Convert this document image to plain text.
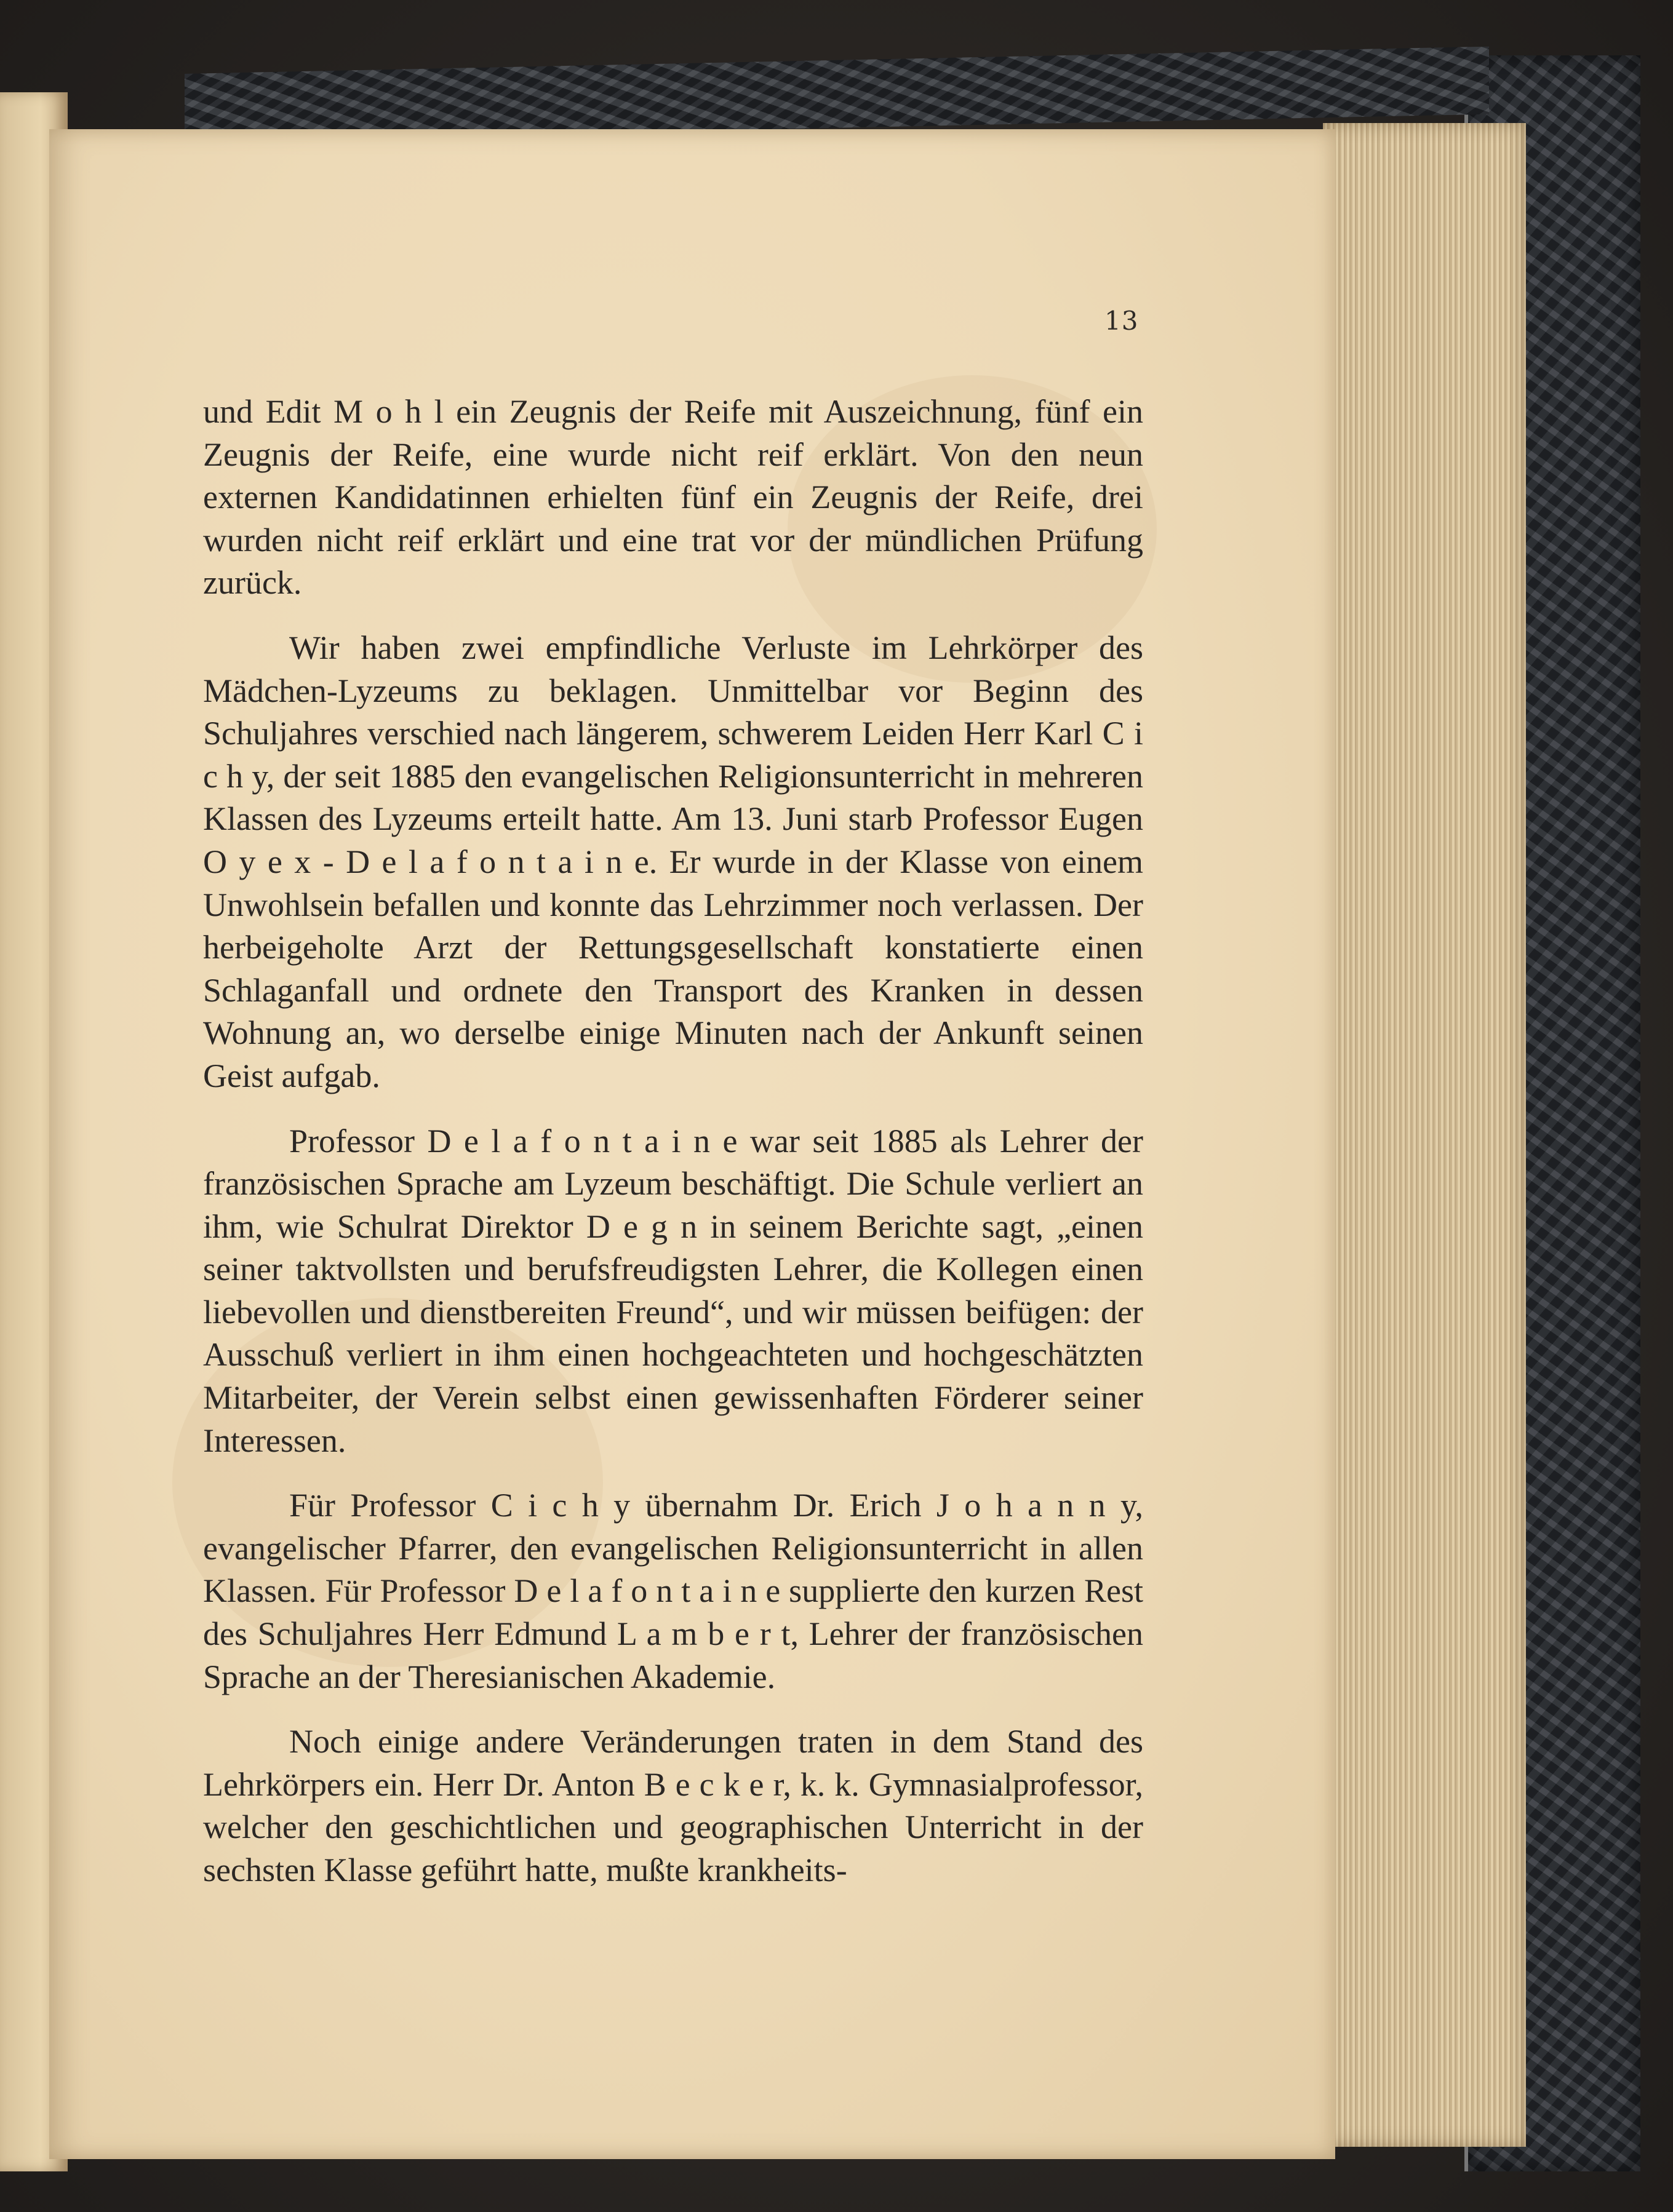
13

und Edit M o h l ein Zeugnis der Reife mit Auszeichnung, fünf ein Zeugnis der Reife, eine wurde nicht reif erklärt. Von den neun externen Kandidatinnen erhielten fünf ein Zeugnis der Reife, drei wurden nicht reif erklärt und eine trat vor der mündlichen Prüfung zurück.

Wir haben zwei empfindliche Verluste im Lehrkörper des Mädchen-Lyzeums zu beklagen. Unmittelbar vor Beginn des Schuljahres verschied nach längerem, schwerem Leiden Herr Karl C i c h y, der seit 1885 den evangelischen Religionsunterricht in mehreren Klassen des Lyzeums erteilt hatte. Am 13. Juni starb Professor Eugen O y e x - D e l a f o n t a i n e. Er wurde in der Klasse von einem Unwohlsein befallen und konnte das Lehrzimmer noch verlassen. Der herbeigeholte Arzt der Rettungsgesellschaft konstatierte einen Schlaganfall und ordnete den Transport des Kranken in dessen Wohnung an, wo derselbe einige Minuten nach der Ankunft seinen Geist aufgab.

Professor D e l a f o n t a i n e war seit 1885 als Lehrer der französischen Sprache am Lyzeum beschäftigt. Die Schule verliert an ihm, wie Schulrat Direktor D e g n in seinem Berichte sagt, „einen seiner taktvollsten und berufsfreudigsten Lehrer, die Kollegen einen liebevollen und dienstbereiten Freund“, und wir müssen beifügen: der Ausschuß verliert in ihm einen hochgeachteten und hochgeschätzten Mitarbeiter, der Verein selbst einen gewissenhaften Förderer seiner Interessen.

Für Professor C i c h y übernahm Dr. Erich J o h a n n y, evangelischer Pfarrer, den evangelischen Religionsunterricht in allen Klassen. Für Professor D e l a f o n t a i n e supplierte den kurzen Rest des Schuljahres Herr Edmund L a m b e r t, Lehrer der französischen Sprache an der Theresianischen Akademie.

Noch einige andere Veränderungen traten in dem Stand des Lehrkörpers ein. Herr Dr. Anton B e c k e r, k. k. Gymnasialprofessor, welcher den geschichtlichen und geographischen Unterricht in der sechsten Klasse geführt hatte, mußte krankheits-
